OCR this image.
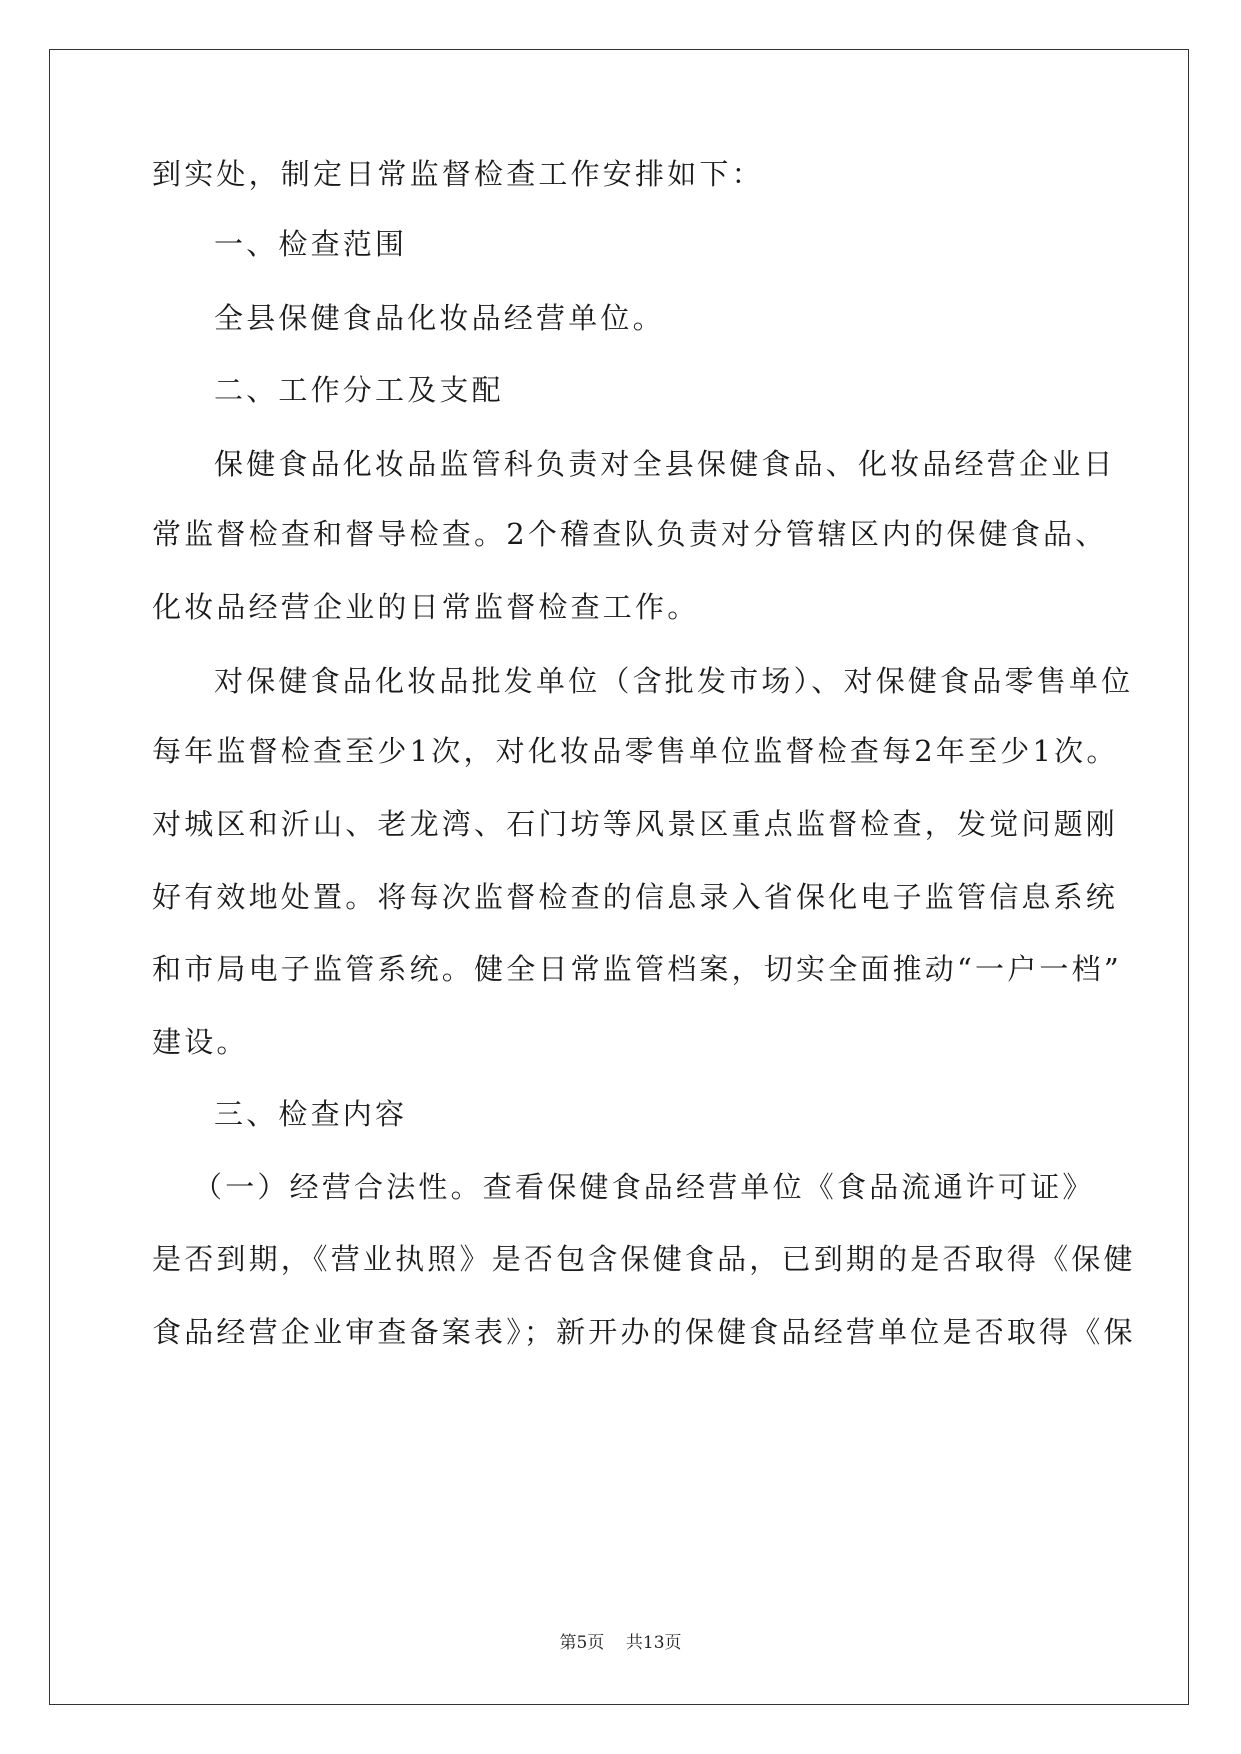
到实处，制定日常监督检查工作安排如下：
一、检查范围
全县保健食品化妆品经营单位。
二、工作分工及支配
保健食品化妆品监管科负责对全县保健食品、化妆品经营企业日
常监督检查和督导检查。2个稽查队负责对分管辖区内的保健食品、
化妆品经营企业的日常监督检查工作。
对保健食品化妆品批发单位（含批发市场）、对保健食品零售单位
每年监督检查至少1次，对化妆品零售单位监督检查每2年至少1次。
对城区和沂山、老龙湾、石门坊等风景区重点监督检查，发觉问题刚
好有效地处置。将每次监督检查的信息录入省保化电子监管信息系统
和市局电子监管系统。健全日常监管档案，切实全面推动“一户一档”
建设。
三、检查内容
（一）经营合法性。查看保健食品经营单位《食品流通许可证》
是否到期，《营业执照》是否包含保健食品，已到期的是否取得《保健
食品经营企业审查备案表》；新开办的保健食品经营单位是否取得《保
第5页 共13页
